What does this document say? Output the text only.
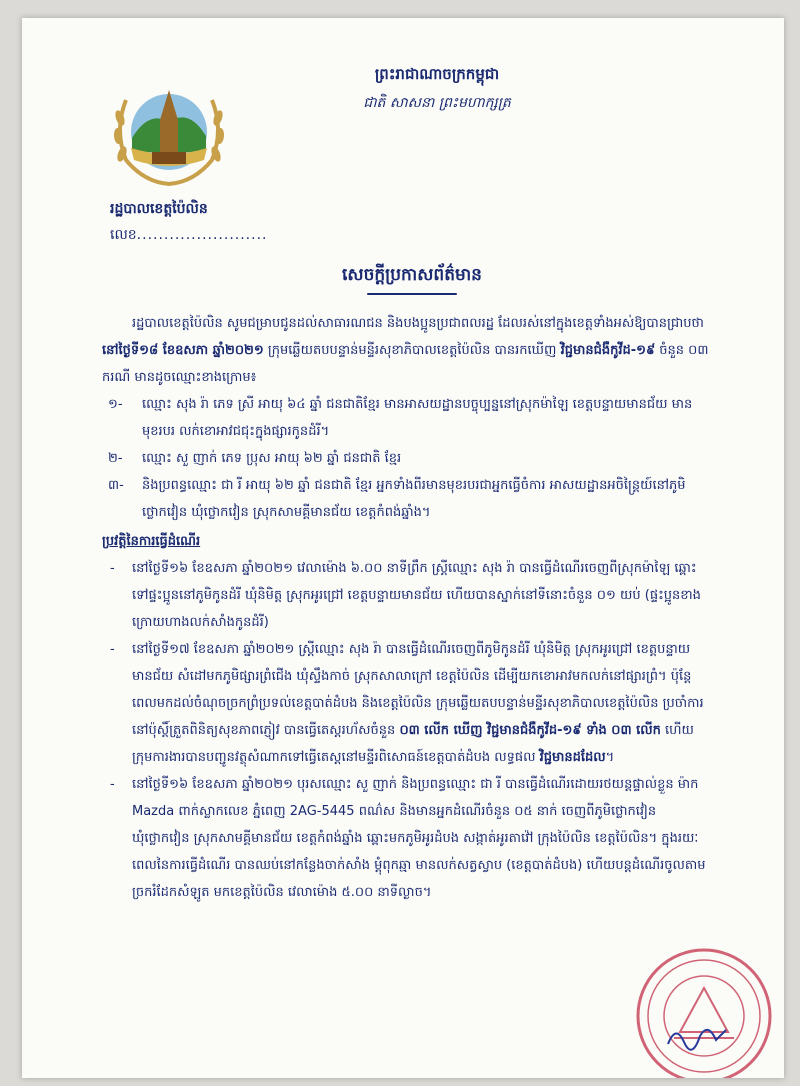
ព្រះរាជាណាចក្រកម្ពុជា
ជាតិ សាសនា ព្រះមហាក្សត្រ
រដ្ឋបាលខេត្តប៉ៃលិន
លេខ........................
សេចក្ដីប្រកាសព័ត៌មាន

រដ្ឋបាលខេត្តប៉ៃលិន សូមជម្រាបជូនដល់សាធារណជន និងបងប្អូនប្រជាពលរដ្ឋ ដែលរស់នៅក្នុងខេត្តទាំងអស់ឱ្យបានជ្រាបថា នៅថ្ងៃទី១៨ ខែឧសភា ឆ្នាំ២០២១ ក្រុមឆ្លើយតបបន្ទាន់មន្ទីរសុខាភិបាលខេត្តប៉ៃលិន បានរកឃើញ វិជ្ជមានជំងឺកូវីដ-១៩ ចំនួន ០៣ ករណី មានដូចឈ្មោះខាងក្រោម៖

១- ឈ្មោះ សុង រ៉ា ភេទ ស្រី អាយុ ៦៤ ឆ្នាំ ជនជាតិខ្មែរ មានអាសយដ្ឋានបច្ចុប្បន្ននៅស្រុកម៉ាឡៃ ខេត្តបន្ទាយមានជ័យ មានមុខរបរ លក់ខោអាវជជុះក្នុងផ្សារកូនដំរី។

២- ឈ្មោះ សួ ញាក់ ភេទ ប្រុស អាយុ ៦២ ឆ្នាំ ជនជាតិ ខ្មែរ

៣- និងប្រពន្ធឈ្មោះ ជា រី អាយុ ៦២ ឆ្នាំ ជនជាតិ ខ្មែរ អ្នកទាំងពីរមានមុខរបរជាអ្នកធ្វើចំការ អាសយដ្ឋានអចិន្ត្រៃយ៍នៅភូមិថ្លោកវៀន ឃុំថ្លោកវៀន ស្រុកសាមគ្គីមានជ័យ ខេត្តកំពង់ឆ្នាំង។

ប្រវត្តិនៃការធ្វើដំណើរ

- នៅថ្ងៃទី១៦ ខែឧសភា ឆ្នាំ២០២១ វេលាម៉ោង ៦.០០ នាទីព្រឹក ស្ត្រីឈ្មោះ សុង រ៉ា បានធ្វើដំណើរចេញពីស្រុកម៉ាឡៃ ឆ្ពោះទៅផ្ទះប្អូននៅភូមិកូនដំរី ឃុំនិមិត្ត ស្រុកអូរជ្រៅ ខេត្តបន្ទាយមានជ័យ ហើយបានស្នាក់នៅទីនោះចំនួន ០១ យប់ (ផ្ទះប្អូនខាងក្រោយហាងលក់សាំងកូនដំរី)

- នៅថ្ងៃទី១៧ ខែឧសភា ឆ្នាំ២០២១ ស្ត្រីឈ្មោះ សុង រ៉ា បានធ្វើដំណើរចេញពីភូមិកូនដំរី ឃុំនិមិត្ត ស្រុកអូរជ្រៅ ខេត្តបន្ទាយមានជ័យ សំដៅមកភូមិផ្សារព្រំជើង ឃុំស្ទឹងកាច់ ស្រុកសាលាក្រៅ ខេត្តប៉ៃលិន ដើម្បីយកខោអាវមកលក់នៅផ្សារព្រំ។ ប៉ុន្តែពេលមកដល់ចំណុចច្រកព្រំប្រទល់ខេត្តបាត់ដំបង និងខេត្តប៉ៃលិន ក្រុមឆ្លើយតបបន្ទាន់មន្ទីរសុខាភិបាលខេត្តប៉ៃលិន ប្រចាំការនៅប៉ុស្តិ៍ត្រួតពិនិត្យសុខភាពភ្ញៀវ បានធ្វើតេស្តរហ័សចំនួន ០៣ លើក ឃើញ វិជ្ជមានជំងឺកូវីដ-១៩ ទាំង ០៣ លើក ហើយក្រុមការងារបានបញ្ជូនវត្ថុសំណាកទៅធ្វើតេស្តនៅមន្ទីរពិសោធន៍ខេត្តបាត់ដំបង លទ្ធផល វិជ្ជមានដដែល។

- នៅថ្ងៃទី១៦ ខែឧសភា ឆ្នាំ២០២១ បុរសឈ្មោះ សួ ញាក់ និងប្រពន្ធឈ្មោះ ជា រី បានធ្វើដំណើរដោយរថយន្តផ្ទាល់ខ្លួន ម៉ាក Mazda ពាក់ស្លាកលេខ ភ្នំពេញ 2AG-5445 ពណ៌ស និងមានអ្នកដំណើរចំនួន ០៥ នាក់ ចេញពីភូមិថ្លោកវៀន ឃុំថ្លោកវៀន ស្រុកសាមគ្គីមានជ័យ ខេត្តកំពង់ឆ្នាំង ឆ្ពោះមកភូមិអូរដំបង សង្កាត់អូរតាវ៉ៅ ក្រុងប៉ៃលិន ខេត្តប៉ៃលិន។ ក្នុងរយៈពេលនៃការធ្វើដំណើរ បានឈប់នៅកន្លែងចាក់សាំង ម្តុំពុកឆ្មា មានលក់សត្វស្វាប (ខេត្តបាត់ដំបង) ហើយបន្តដំណើរចូលតាមច្រករំដែកសំឡូត មកខេត្តប៉ៃលិន វេលាម៉ោង ៥.០០ នាទីល្ងាច។
